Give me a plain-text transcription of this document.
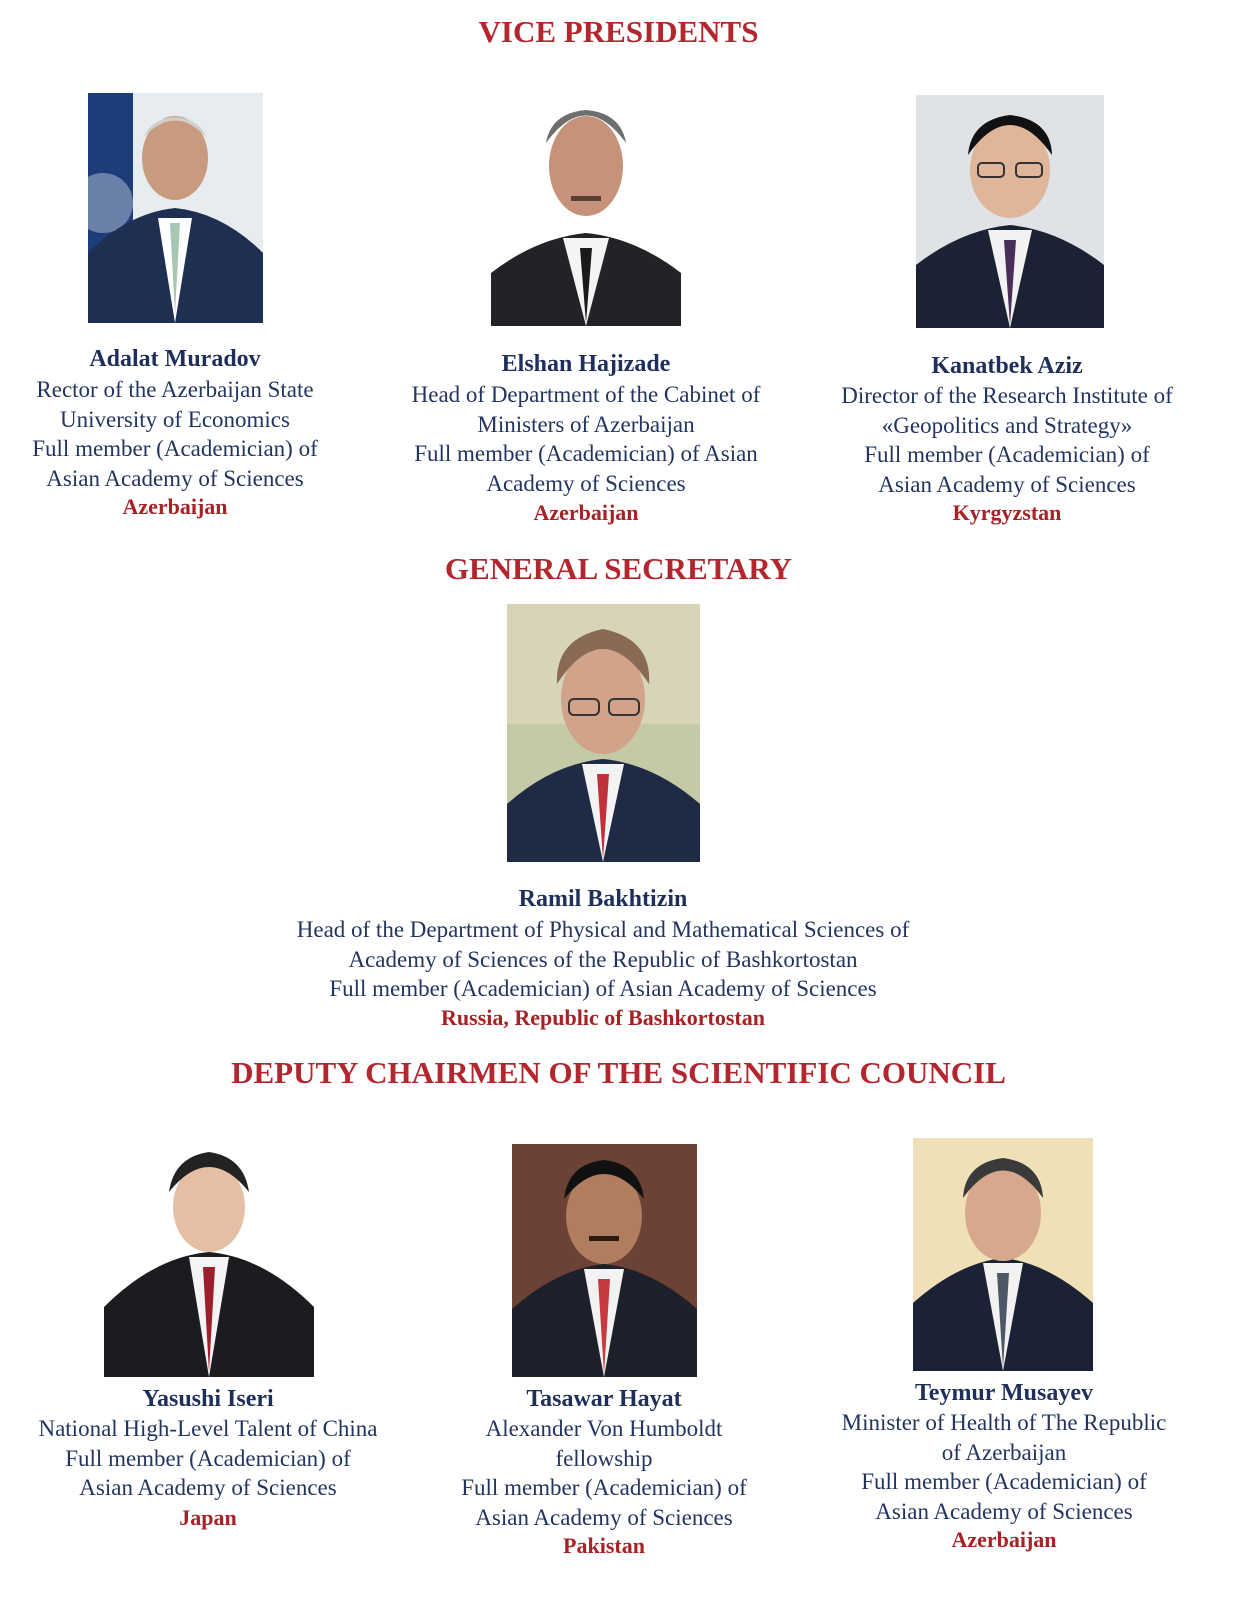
VICE PRESIDENTS
GENERAL SECRETARY
DEPUTY CHAIRMEN OF THE SCIENTIFIC COUNCIL
Adalat Muradov
Rector of the Azerbaijan State
University of Economics
Full member (Academician) of
Asian Academy of Sciences
Azerbaijan
Elshan Hajizade
Head of Department of the Cabinet of
Ministers of Azerbaijan
Full member (Academician) of Asian
Academy of Sciences
Azerbaijan
Kanatbek Aziz
Director of the Research Institute of
«Geopolitics and Strategy»
Full member (Academician) of
Asian Academy of Sciences
Kyrgyzstan
Ramil Bakhtizin
Head of the Department of Physical and Mathematical Sciences of
Academy of Sciences of the Republic of Bashkortostan
Full member (Academician) of Asian Academy of Sciences
Russia, Republic of Bashkortostan
Yasushi Iseri
National High-Level Talent of China
Full member (Academician) of
Asian Academy of Sciences
Japan
Tasawar Hayat
Alexander Von Humboldt
fellowship
Full member (Academician) of
Asian Academy of Sciences
Pakistan
Teymur Musayev
Minister of Health of The Republic
of Azerbaijan
Full member (Academician) of
Asian Academy of Sciences
Azerbaijan
